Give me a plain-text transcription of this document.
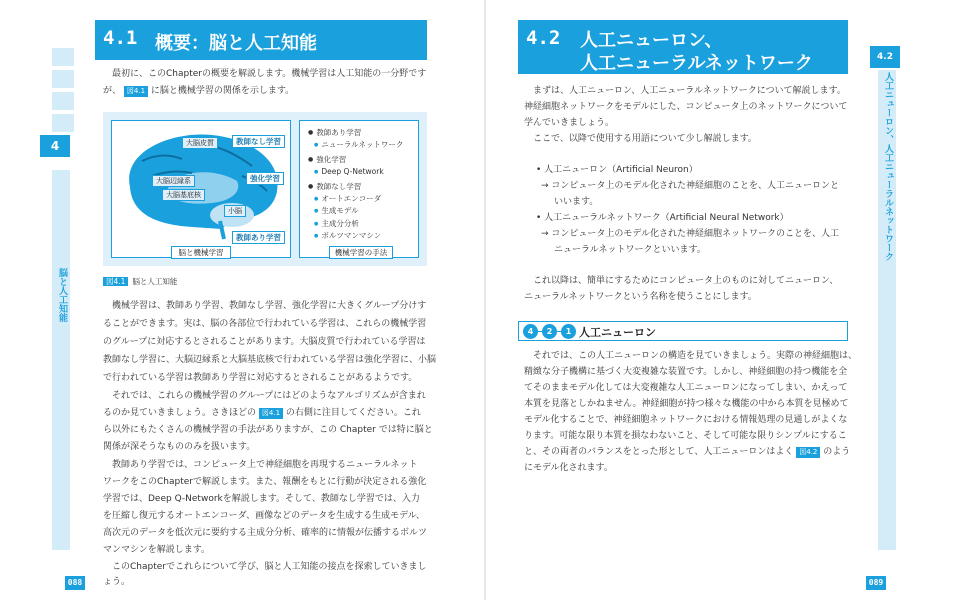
4
脳と人工知能
4.1 概要：脳と人工知能
最初に、このChapterの概要を解説します。機械学習は人工知能の一分野です
が、 図4.1 に脳と機械学習の関係を示します。
大脳皮質
大脳辺縁系
大脳基底核
小脳
教師なし学習
強化学習
教師あり学習
脳と機械学習
● 教師あり学習
● ニューラルネットワーク
● 強化学習
● Deep Q-Network
● 教師なし学習
● オートエンコーダ
● 生成モデル
● 主成分分析
● ボルツマンマシン
機械学習の手法
図4.1 脳と人工知能
機械学習は、教師あり学習、教師なし学習、強化学習に大きくグループ分けす
ることができます。実は、脳の各部位で行われている学習は、これらの機械学習
のグループに対応するとされることがあります。大脳皮質で行われている学習は
教師なし学習に、大脳辺縁系と大脳基底核で行われている学習は強化学習に、小脳
で行われている学習は教師あり学習に対応するとされることがあるようです。
それでは、これらの機械学習のグループにはどのようなアルゴリズムが含まれ
るのか見ていきましょう。さきほどの 図4.1 の右側に注目してください。これ
ら以外にもたくさんの機械学習の手法がありますが、この Chapter では特に脳と
関係が深そうなもののみを扱います。
教師あり学習では、コンピュータ上で神経細胞を再現するニューラルネット
ワークをこのChapterで解説します。また、報酬をもとに行動が決定される強化
学習では、Deep Q-Networkを解説します。そして、教師なし学習では、入力
を圧縮し復元するオートエンコーダ、画像などのデータを生成する生成モデル、
高次元のデータを低次元に要約する主成分分析、確率的に情報が伝播するボルツ
マンマシンを解説します。
このChapterでこれらについて学び、脳と人工知能の接点を探索していきまし
ょう。
088
4.2 人工ニューロン、
人工ニューラルネットワーク	4.2
人工ニューロン、人工ニューラルネットワーク
まずは、人工ニューロン、人工ニューラルネットワークについて解説します。
神経細胞ネットワークをモデルにした、コンピュータ上のネットワークについて
学んでいきましょう。
ここで、以降で使用する用語について少し解説します。
• 人工ニューロン（Artificial Neuron）
→ コンピュータ上のモデル化された神経細胞のことを、人工ニューロンと
いいます。
• 人工ニューラルネットワーク（Artificial Neural Network）
→ コンピュータ上のモデル化された神経細胞ネットワークのことを、人工
ニューラルネットワークといいます。
これ以降は、簡単にするためにコンピュータ上のものに対してニューロン、
ニューラルネットワークという名称を使うことにします。
4	2	1 人工ニューロン
それでは、この人工ニューロンの構造を見ていきましょう。実際の神経細胞は、
精緻な分子機構に基づく大変複雑な装置です。しかし、神経細胞の持つ機能を全
てそのままモデル化しては大変複雑な人工ニューロンになってしまい、かえって
本質を見落としかねません。神経細胞が持つ様々な機能の中から本質を見極めて
モデル化することで、神経細胞ネットワークにおける情報処理の見通しがよくな
ります。可能な限り本質を損なわないこと、そして可能な限りシンプルにするこ
と、その両者のバランスをとった形として、人工ニューロンはよく 図4.2 のよう
にモデル化されます。
089
